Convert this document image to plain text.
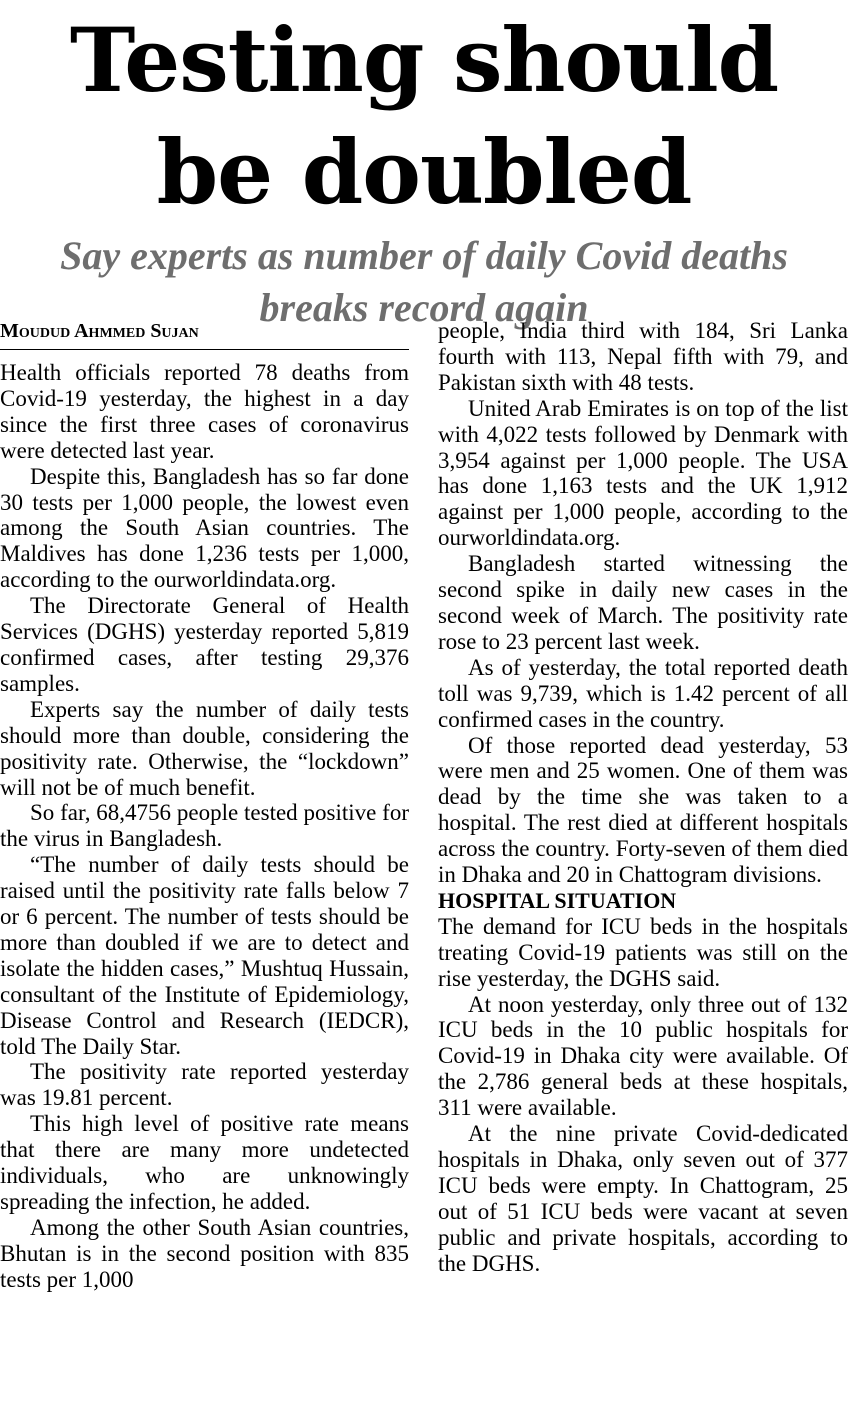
Testing should
be doubled
Say experts as number of daily Covid deaths
breaks record again
Moudud Ahmmed Sujan

Health officials reported 78 deaths from Covid-19 yesterday, the highest in a day since the first three cases of coronavirus were detected last year.

Despite this, Bangladesh has so far done 30 tests per 1,000 people, the lowest even among the South Asian countries. The Maldives has done 1,236 tests per 1,000, according to the ourworldindata.org.

The Directorate General of Health Services (DGHS) yesterday reported 5,819 confirmed cases, after testing 29,376 samples.

Experts say the number of daily tests should more than double, considering the positivity rate. Otherwise, the “lockdown” will not be of much benefit.

So far, 68,4756 people tested positive for the virus in Bangladesh.

“The number of daily tests should be raised until the positivity rate falls below 7 or 6 percent. The number of tests should be more than doubled if we are to detect and isolate the hidden cases,” Mushtuq Hussain, consultant of the Institute of Epidemiology, Disease Control and Research (IEDCR), told The Daily Star.

The positivity rate reported yesterday was 19.81 percent.

This high level of positive rate means that there are many more undetected individuals, who are unknowingly spreading the infection, he added.

Among the other South Asian countries, Bhutan is in the second position with 835 tests per 1,000

people, India third with 184, Sri Lanka fourth with 113, Nepal fifth with 79, and Pakistan sixth with 48 tests.

United Arab Emirates is on top of the list with 4,022 tests followed by Denmark with 3,954 against per 1,000 people. The USA has done 1,163 tests and the UK 1,912 against per 1,000 people, according to the ourworldindata.org.

Bangladesh started witnessing the second spike in daily new cases in the second week of March. The positivity rate rose to 23 percent last week.

As of yesterday, the total reported death toll was 9,739, which is 1.42 percent of all confirmed cases in the country.

Of those reported dead yesterday, 53 were men and 25 women. One of them was dead by the time she was taken to a hospital. The rest died at different hospitals across the country. Forty-seven of them died in Dhaka and 20 in Chattogram divisions.

HOSPITAL SITUATION

The demand for ICU beds in the hospitals treating Covid-19 patients was still on the rise yesterday, the DGHS said.

At noon yesterday, only three out of 132 ICU beds in the 10 public hospitals for Covid-19 in Dhaka city were available. Of the 2,786 general beds at these hospitals, 311 were available.

At the nine private Covid-dedicated hospitals in Dhaka, only seven out of 377 ICU beds were empty. In Chattogram, 25 out of 51 ICU beds were vacant at seven public and private hospitals, according to the DGHS.
